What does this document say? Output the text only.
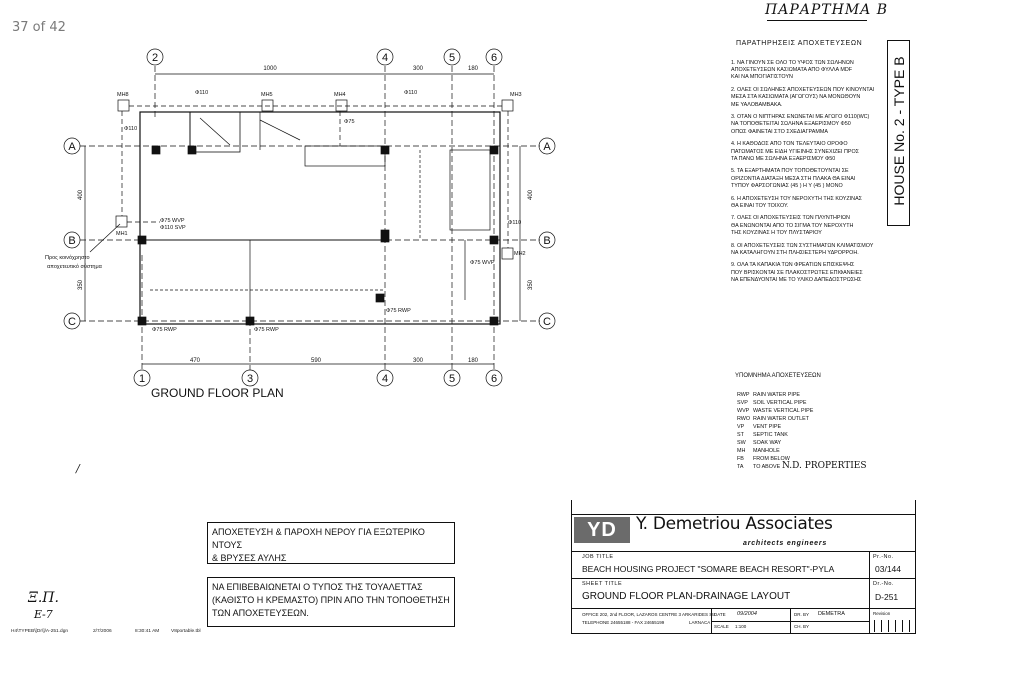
37 of 42
2	4	5	6
1	3	4	5	6
A
B
C
A
B
C
1000	300	180
470	590	300	180
400
350
400
350
MH8	MH5	MH4	MH3
MH1
MH2
Φ110	Φ110
Φ110
Φ110
Φ75
Φ75 WVP
Φ110 SVP
Φ75 WVP
Φ75 RWP	Φ75 RWP
Φ75 RWP
Προς κοινόχρηστο
αποχετευτικό σύστημα
GROUND FLOOR PLAN
ΠΑΡΑΡΤΗΜΑ Β
ΠΑΡΑΤΗΡΗΣΕΙΣ ΑΠΟΧΕΤΕΥΣΕΩΝ
1. ΝΑ ΓΙΝΟΥΝ ΣΕ ΟΛΟ ΤΟ ΥΨΟΣ ΤΩΝ ΣΩΛΗΝΩΝ
ΑΠΟΧΕΤΕΥΣΕΩΝ ΚΑΣΙΩΜΑΤΑ ΑΠΟ ΦΥΛΛΑ MDF
ΚΑΙ ΝΑ ΜΠΟΓΙΑΤΙΣΤΟΥΝ
2. ΟΛΕΣ ΟΙ ΣΩΛΗΝΕΣ ΑΠΟΧΕΤΕΥΣΕΩΝ ΠΟΥ ΚΙΝΟΥΝΤΑΙ
ΜΕΣΑ ΣΤΑ ΚΑΣΙΩΜΑΤΑ (ΑΓΩΓΟΥΣ) ΝΑ ΜΟΝΩΘΟΥΝ
ΜΕ ΥΑΛΟΒΑΜΒΑΚΑ.
3. ΟΤΑΝ Ο ΝΙΠΤΗΡΑΣ ΕΝΩΝΕΤΑΙ ΜΕ ΑΓΩΓΟ Φ110(WC)
ΝΑ ΤΟΠΟΘΕΤΕΙΤΑΙ ΣΩΛΗΝΑ ΕΞΑΕΡΙΣΜΟΥ Φ50
ΟΠΩΣ ΦΑΙΝΕΤΑΙ ΣΤΟ ΣΧΕΔΙΑΓΡΑΜΜΑ
4. Η ΚΑΘΟΔΟΣ ΑΠΟ ΤΟΝ ΤΕΛΕΥΤΑΙΟ ΟΡΟΦΟ
ΠΑΤΩΜΑΤΟΣ ΜΕ ΕΙΔΗ ΥΓΙΕΙΝΗΣ ΣΥΝΕΧΙΖΕΙ ΠΡΟΣ
ΤΑ ΠΑΝΩ ΜΕ ΣΩΛΗΝΑ ΕΞΑΕΡΙΣΜΟΥ Φ50
5. ΤΑ ΕΞΑΡΤΗΜΑΤΑ ΠΟΥ ΤΟΠΟΘΕΤΟΥΝΤΑΙ ΣΕ
ΟΡΙΖΟΝΤΙΑ ΔΙΑΤΑΞΗ ΜΕΣΑ ΣΤΗ ΠΛΑΚΑ ΘΑ ΕΙΝΑΙ
ΤΥΠΟΥ ΦΑΡΣΟΓΩΝΙΑΣ (45 ) Η Υ (45 ) ΜΟΝΟ
6. Η ΑΠΟΧΕΤΕΥΣΗ ΤΟΥ ΝΕΡΟΧΥΤΗ ΤΗΣ ΚΟΥΖΙΝΑΣ
ΘΑ ΕΙΝΑΙ ΤΟΥ ΤΟΙΧΟΥ.
7. ΟΛΕΣ ΟΙ ΑΠΟΧΕΤΕΥΣΕΙΣ ΤΩΝ ΠΛΥΝΤΗΡΙΩΝ
ΘΑ ΕΝΩΝΟΝΤΑΙ ΑΠΟ ΤΟ ΣΙΓΜΑ ΤΟΥ ΝΕΡΟΧΥΤΗ
ΤΗΣ ΚΟΥΖΙΝΑΣ Η ΤΟΥ ΠΛΥΣΤΑΡΙΟΥ
8. ΟΙ ΑΠΟΧΕΤΕΥΣΕΙΣ ΤΩΝ ΣΥΣΤΗΜΑΤΩΝ ΚΛΙΜΑΤΙΣΜΟΥ
ΝΑ ΚΑΤΑΛΗΓΟΥΝ ΣΤΗ ΠΛΗΣΙΕΣΤΕΡΗ ΥΔΡΟΡΡΟΗ.
9. ΟΛΑ ΤΑ ΚΑΠΑΚΙΑ ΤΩΝ ΦΡΕΑΤΙΩΝ ΕΠΙΣΚΕΨΗΣ
ΠΟΥ ΒΡΙΣΚΟΝΤΑΙ ΣΕ ΠΛΑΚΟΣΤΡΩΤΕΣ ΕΠΙΦΑΝΕΙΕΣ
ΝΑ ΕΠΕΝΔΥΟΝΤΑΙ ΜΕ ΤΟ ΥΛΙΚΟ ΔΑΠΕΔΟΣΤΡΩΣΗΣ
ΥΠΟΜΝΗΜΑ ΑΠΟΧΕΤΕΥΣΕΩΝ
RWP RAIN WATER PIPE
SVP SOIL VERTICAL PIPE
WVP WASTE VERTICAL PIPE
RWO RAIN WATER OUTLET
VP VENT PIPE
ST SEPTIC TANK
SW SOAK WAY
MH MANHOLE
FB FROM BELOW
TA TO ABOVE N.D. PROPERTIES
HOUSE No. 2 - TYPE B
ΑΠΟΧΕΤΕΥΣΗ & ΠΑΡΟΧΗ ΝΕΡΟΥ ΓΙΑ ΕΞΩΤΕΡΙΚΟ ΝΤΟΥΣ
& ΒΡΥΣΕΣ ΑΥΛΗΣ
ΝΑ ΕΠΙΒΕΒΑΙΩΝΕΤΑΙ Ο ΤΥΠΟΣ ΤΗΣ ΤΟΥΑΛΕΤΤΑΣ
(ΚΑΘΙΣΤΟ Η ΚΡΕΜΑΣΤΟ) ΠΡΙΝ ΑΠΟ ΤΗΝ ΤΟΠΟΘΕΤΗΣΗ
ΤΩΝ ΑΠΟΧΕΤΕΥΣΕΩΝ.
YD	Y. Demetriou Associates
architects engineers
JOB TITLE
BEACH HOUSING PROJECT "SOMARE BEACH RESORT"-PYLA
Pr.-No.
03/144
SHEET TITLE
GROUND FLOOR PLAN-DRAINAGE LAYOUT
Dr.-No.
D-251
OFFICE 202, 2nd FLOOR, LAZAROS CENTRE 3 ARKARIDES Str.
TELEPHONE 24655188 - FAX 24655199	LARNACA
DATE 09/2004
SCALE 1:100
DR. BY DEMETRA
CH. BY
Revision
Ξ.Π.
Ε-7
/
H4\TYPEB\[Dr\]/A-251.dgn	2/7/2006	8:30:41 AM V8portable.tbl
